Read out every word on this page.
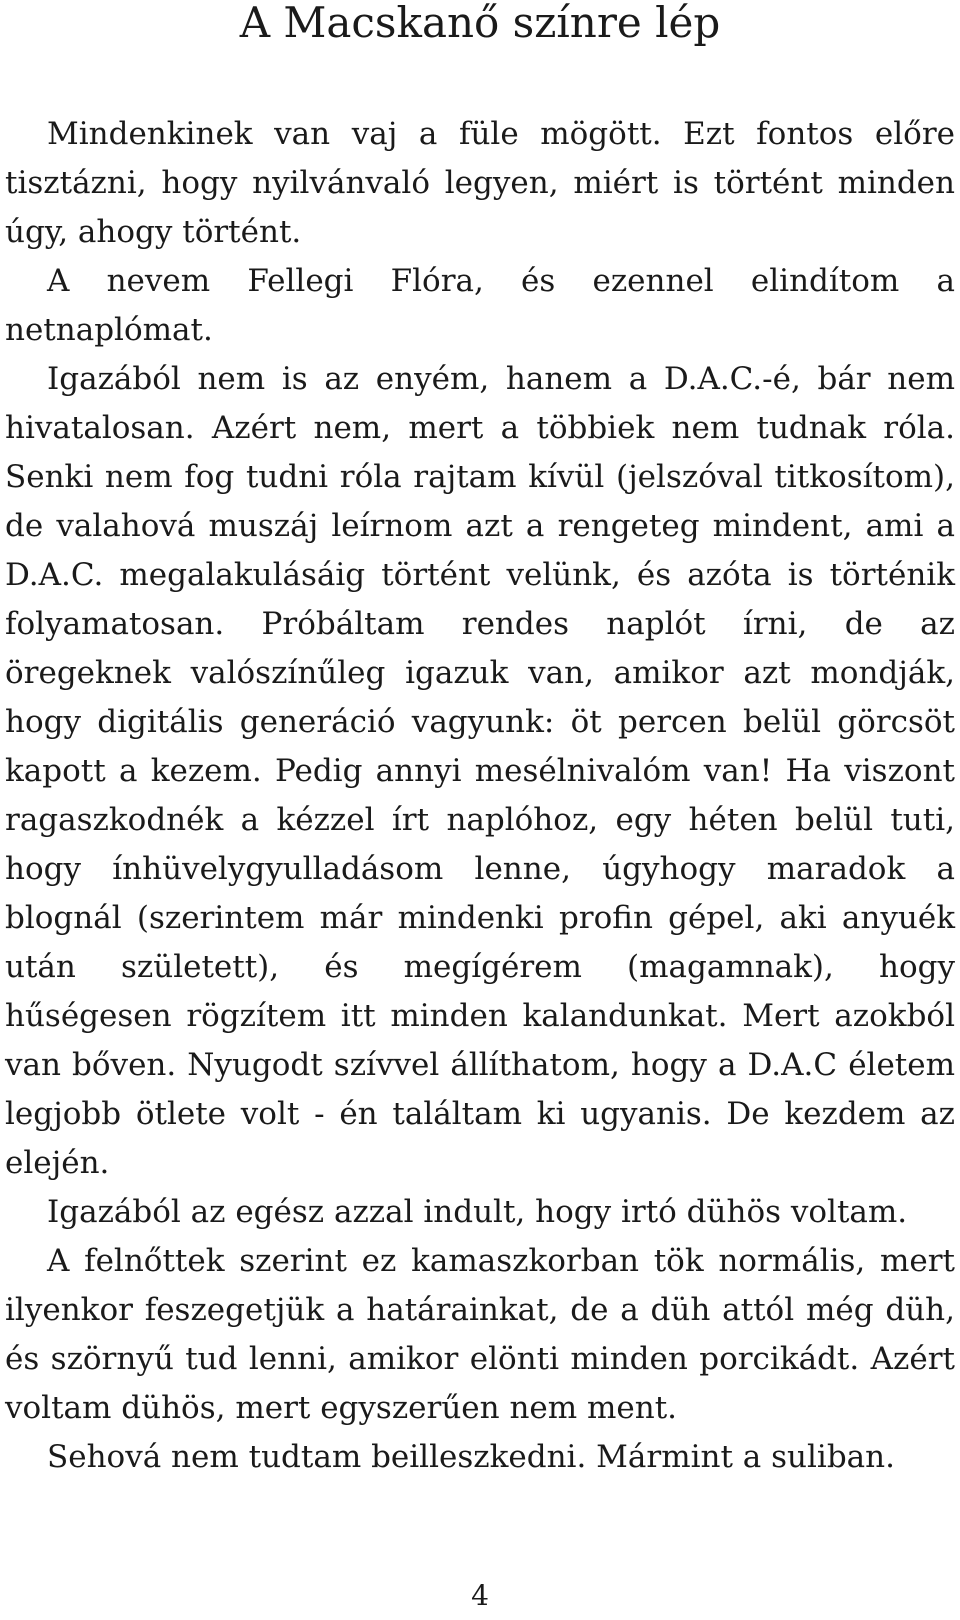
A Macskanő színre lép

Mindenkinek van vaj a füle mögött. Ezt fontos előre tisztázni, hogy nyilvánvaló legyen, miért is történt minden úgy, ahogy történt.

A nevem Fellegi Flóra, és ezennel elindítom a netnaplómat.

Igazából nem is az enyém, hanem a D.A.C.-é, bár nem hivatalosan. Azért nem, mert a többiek nem tudnak róla. Senki nem fog tudni róla rajtam kívül (jelszóval titkosítom), de valahová muszáj leírnom azt a rengeteg mindent, ami a D.A.C. megalakulásáig történt velünk, és azóta is történik folyamatosan. Próbáltam rendes naplót írni, de az öregeknek valószínűleg igazuk van, amikor azt mondják, hogy digitális generáció vagyunk: öt percen belül görcsöt kapott a kezem. Pedig annyi mesélnivalóm van! Ha viszont ragaszkodnék a kézzel írt naplóhoz, egy héten belül tuti, hogy ínhüvelygyulladásom lenne, úgyhogy maradok a blognál (szerintem már mindenki profin gépel, aki anyuék után született), és megígérem (magamnak), hogy hűségesen rögzítem itt minden kalandunkat. Mert azokból van bőven. Nyugodt szívvel állíthatom, hogy a D.A.C életem legjobb ötlete volt - én találtam ki ugyanis. De kezdem az elején.

Igazából az egész azzal indult, hogy irtó dühös voltam.

A felnőttek szerint ez kamaszkorban tök normális, mert ilyenkor feszegetjük a határainkat, de a düh attól még düh, és szörnyű tud lenni, amikor elönti minden porcikádt. Azért voltam dühös, mert egyszerűen nem ment.

Sehová nem tudtam beilleszkedni. Mármint a suliban.

4
